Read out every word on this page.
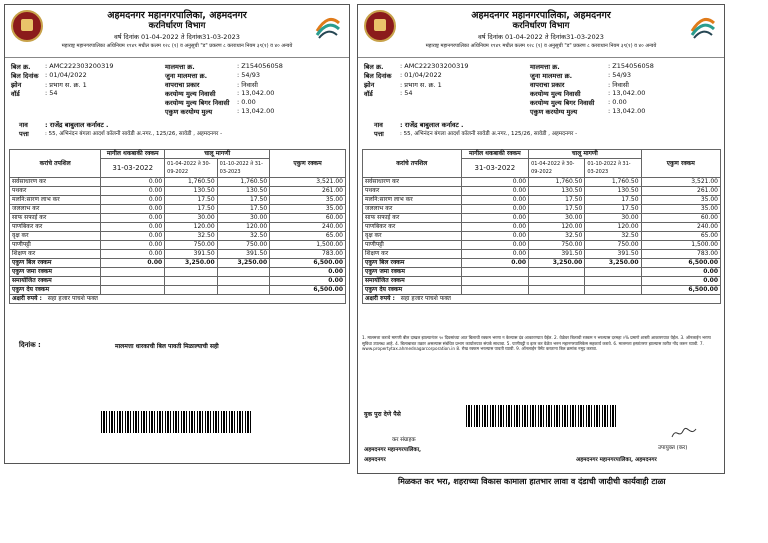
अहमदनगर महानगरपालिका, अहमदनगर
करनिर्धारण विभाग
वर्ष दिनांक 01-04-2022 ते दिनांक31-03-2023
महाराष्ट्र महानगरपालिका अधिनियम १९४९ मधील कलम १२८ (१) व अनुसूची "ड" प्रकरण ८ करराधान नियम ३९(१) व ४० अन्वये
बिल क्र. : AMC222303200319
बिल दिनांक : 01/04/2022
झोन	: प्रभाग स. क्र. 1
वॉर्ड	: 54
मालमत्ता क्र.	: Z154056058
जुना मालमत्ता क्र.	: 54/93
वापराचा प्रकार	: निवासी
करयोग्य मुल्य निवासी	: 13,042.00
करयोग्य मुल्य बिगर निवासी : 0.00
एकुण करयोग्य मुल्य	: 13,042.00
नाव	: राजेंद्र बाबुलाल कर्नावट .
पत्ता	: 55, अभिनंदन बंगला आदर्श कॉलनी सावेडी अ.नगर., 125/26, सावेडी , अहमदनगर -
करांचे तपशिल	मागील थकबाकी रक्कम	चालू मागणी		एकुण रक्कम
	31-03-2022	01-04-2022 ते 30-09-2022	01-10-2022 ते 31-03-2023	
सर्वसाधारण कर	0.00	1,760.50	1,760.50	3,521.00
पथकर	0.00	130.50	130.50	261.00
मलनि:सारण लाभ कर	0.00	17.50	17.50	35.00
जललाभ कर	0.00	17.50	17.50	35.00
साफ सफाई कर	0.00	30.00	30.00	60.00
पाणबिकर कर	0.00	120.00	120.00	240.00
वृक्ष कर	0.00	32.50	32.50	65.00
पाणीपट्टी	0.00	750.00	750.00	1,500.00
शिक्षण कर	0.00	391.50	391.50	783.00
एकुण बिल रक्कम	0.00	3,250.00	3,250.00	6,500.00
एकुण जमा रक्कम				0.00
समायोजित रक्कम				0.00
एकुण देय रक्कम				6,500.00
अक्षरी रुपये : सहा हजार पाचशे फक्त				
दिनांक :	मालमत्ता धारकाची बिल पावती मिळाल्याची सही
अहमदनगर महानगरपालिका, अहमदनगर
करनिर्धारण विभाग
वर्ष दिनांक 01-04-2022 ते दिनांक31-03-2023
महाराष्ट्र महानगरपालिका अधिनियम १९४९ मधील कलम १२८ (१) व अनुसूची "ड" प्रकरण ८ करराधान नियम ३९(१) व ४० अन्वये
बिल क्र.	: AMC222303200319
बिल दिनांक : 01/04/2022
झोन	: प्रभाग स. क्र. 1
वॉर्ड	: 54
मालमत्ता क्र.	: Z154056058
जुना मालमत्ता क्र.	: 54/93
वापराचा प्रकार	: निवासी
करयोग्य मुल्य निवासी	: 13,042.00
करयोग्य मुल्य बिगर निवासी : 0.00
एकुण करयोग्य मुल्य	: 13,042.00
नाव	: राजेंद्र बाबुलाल कर्नावट .
पत्ता	: 55, अभिनंदन बंगला आदर्श कॉलनी सावेडी अ.नगर., 125/26, सावेडी , अहमदनगर -
करांचे तपशिल	मागील थकबाकी रक्कम	चालू मागणी		एकुण रक्कम
	31-03-2022	01-04-2022 ते 30-09-2022	01-10-2022 ते 31-03-2023	
सर्वसाधारण कर	0.00	1,760.50	1,760.50	3,521.00
पथकर	0.00	130.50	130.50	261.00
मलनि:सारण लाभ कर	0.00	17.50	17.50	35.00
जललाभ कर	0.00	17.50	17.50	35.00
साफ सफाई कर	0.00	30.00	30.00	60.00
पाणबिकर कर	0.00	120.00	120.00	240.00
वृक्ष कर	0.00	32.50	32.50	65.00
पाणीपट्टी	0.00	750.00	750.00	1,500.00
शिक्षण कर	0.00	391.50	391.50	783.00
एकुण बिल रक्कम	0.00	3,250.00	3,250.00	6,500.00
एकुण जमा रक्कम				0.00
समायोजित रक्कम				0.00
एकुण देय रक्कम				6,500.00
अक्षरी रुपये : सहा हजार पाचशे फक्त				
1. मालमत्ता कराचे मागणी बील दाखल झाल्यानंतर ९० दिवसांच्या आत बिलाची रक्कम भरणा न केल्यास दंड आकारण्यात येईल. 2. वेळेवर बिलाची रक्कम न भरल्यास दरमहा २% प्रमाणे शास्ती आकारण्यात येईल. 3. ऑनलाईन भरणा सुविधा उपलब्ध आहे. 4. बिलाबाबत तक्रार असल्यास संबंधित प्रभाग कार्यालयात संपर्क साधावा. 5. पाणीपट्टी व इतर कर वेळेत भरुन महानगरपालिकेस सहकार्य करावे. 6. मालमत्ता हस्तांतरण झाल्यास त्वरीत नोंद करुन घ्यावी. 7. www.propertytax.ahmednagarcorporation.in 8. रोख रक्कम भरल्यास पावती घ्यावी. 9. ऑनलाईन पेमेंट करताना बिल क्रमांक नमूद करावा.
युक पुरा देणे पैसे
कर संग्राहक
अहमदनगर महानगरपालिका,
अहमदनगर
उपायुक्त (कर)
अहमदनगर महानगरपालिका, अहमदनगर
मिळकत कर भरा, शहराच्या विकास कामाला हातभार लावा व दंडाची जादीची कार्यवाही टाळा
